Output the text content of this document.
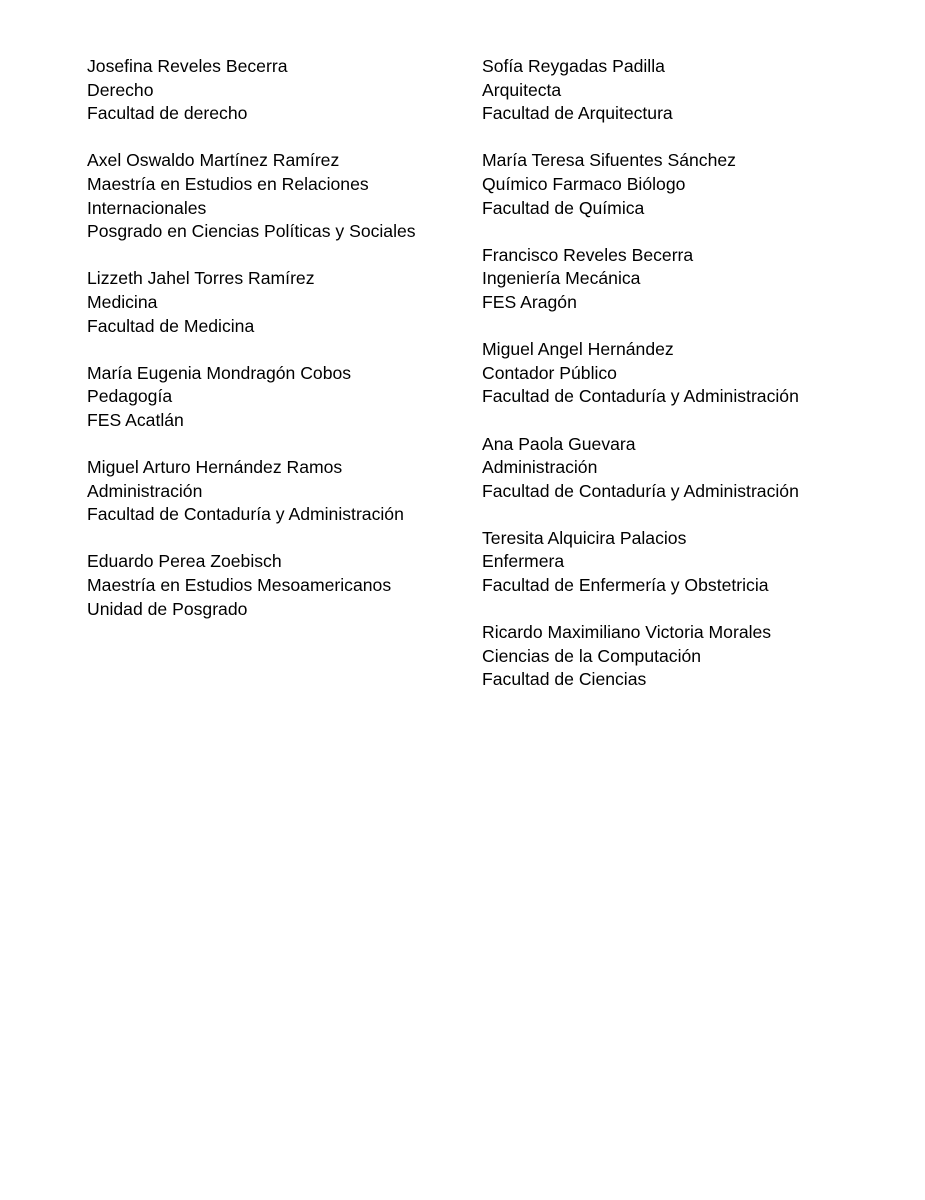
Josefina Reveles Becerra
Derecho
Facultad de derecho
Axel Oswaldo Martínez Ramírez
Maestría en Estudios en Relaciones
Internacionales
Posgrado en Ciencias Políticas y Sociales
Lizzeth Jahel Torres Ramírez
Medicina
Facultad de Medicina
María Eugenia Mondragón Cobos
Pedagogía
FES Acatlán
Miguel Arturo Hernández Ramos
Administración
Facultad de Contaduría y Administración
Eduardo Perea Zoebisch
Maestría en Estudios Mesoamericanos
Unidad de Posgrado
Sofía Reygadas Padilla
Arquitecta
Facultad de Arquitectura
María Teresa Sifuentes Sánchez
Químico Farmaco Biólogo
Facultad de Química
Francisco Reveles Becerra
Ingeniería Mecánica
FES Aragón
Miguel Angel Hernández
Contador Público
Facultad de Contaduría y Administración
Ana Paola Guevara
Administración
Facultad de Contaduría y Administración
Teresita Alquicira Palacios
Enfermera
Facultad de Enfermería y Obstetricia
Ricardo Maximiliano Victoria Morales
Ciencias de la Computación
Facultad de Ciencias
